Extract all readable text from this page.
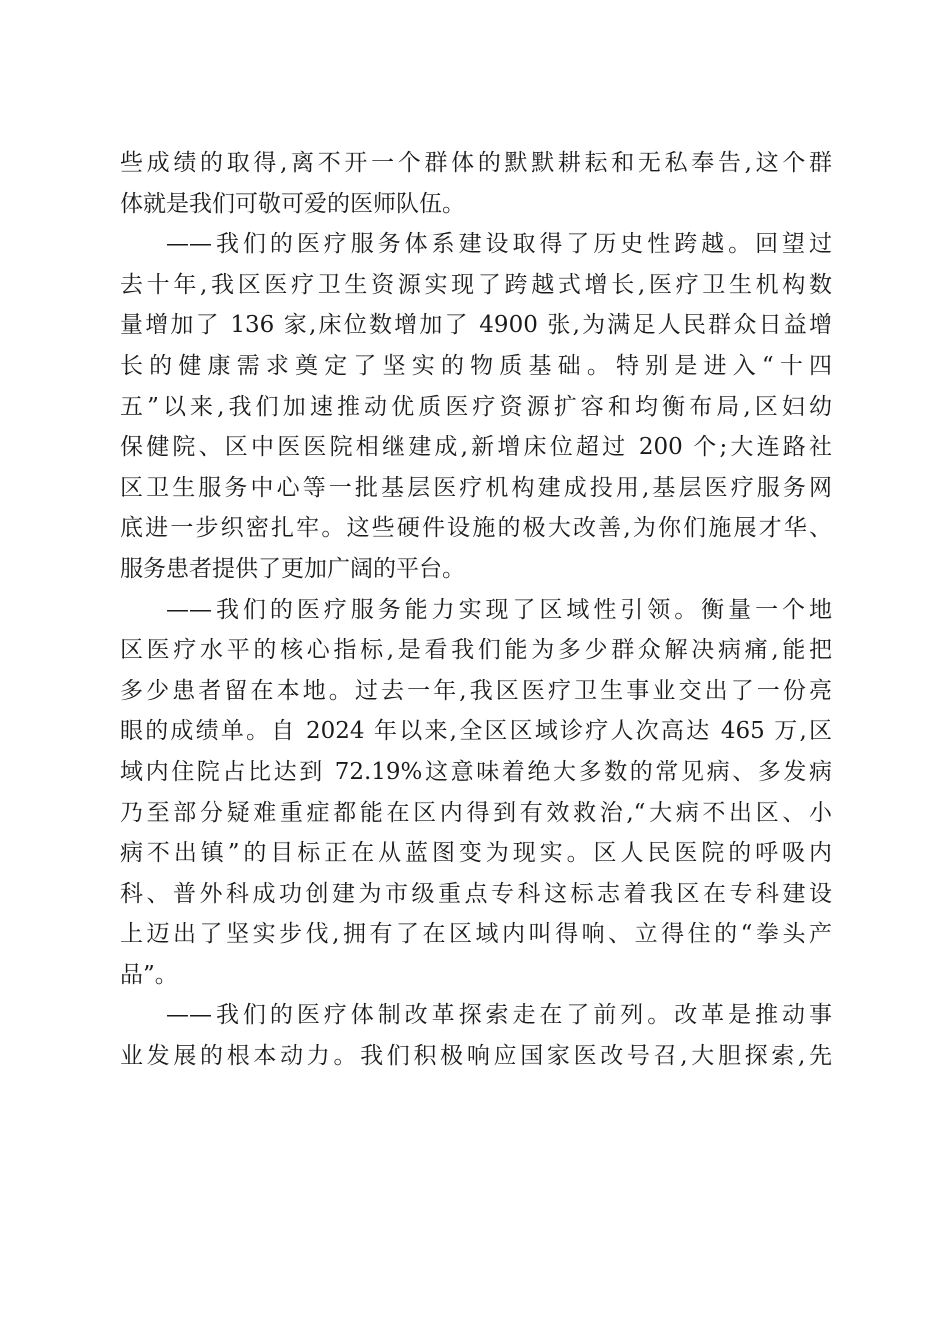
些成绩的取得,离不开一个群体的默默耕耘和无私奉告,这个群
体就是我们可敬可爱的医师队伍。
——我们的医疗服务体系建设取得了历史性跨越。回望过
去十年,我区医疗卫生资源实现了跨越式增长,医疗卫生机构数
量增加了 136 家,床位数增加了 4900 张,为满足人民群众日益增
长的健康需求奠定了坚实的物质基础。特别是进入“十四
五”以来,我们加速推动优质医疗资源扩容和均衡布局,区妇幼
保健院、区中医医院相继建成,新增床位超过 200 个;大连路社
区卫生服务中心等一批基层医疗机构建成投用,基层医疗服务网
底进一步织密扎牢。这些硬件设施的极大改善,为你们施展才华、
服务患者提供了更加广阔的平台。
——我们的医疗服务能力实现了区域性引领。衡量一个地
区医疗水平的核心指标,是看我们能为多少群众解决病痛,能把
多少患者留在本地。过去一年,我区医疗卫生事业交出了一份亮
眼的成绩单。自 2024 年以来,全区区域诊疗人次高达 465 万,区
域内住院占比达到 72.19%这意味着绝大多数的常见病、多发病
乃至部分疑难重症都能在区内得到有效救治,“大病不出区、小
病不出镇”的目标正在从蓝图变为现实。区人民医院的呼吸内
科、普外科成功创建为市级重点专科这标志着我区在专科建设
上迈出了坚实步伐,拥有了在区域内叫得响、立得住的“拳头产
品”。
——我们的医疗体制改革探索走在了前列。改革是推动事
业发展的根本动力。我们积极响应国家医改号召,大胆探索,先
